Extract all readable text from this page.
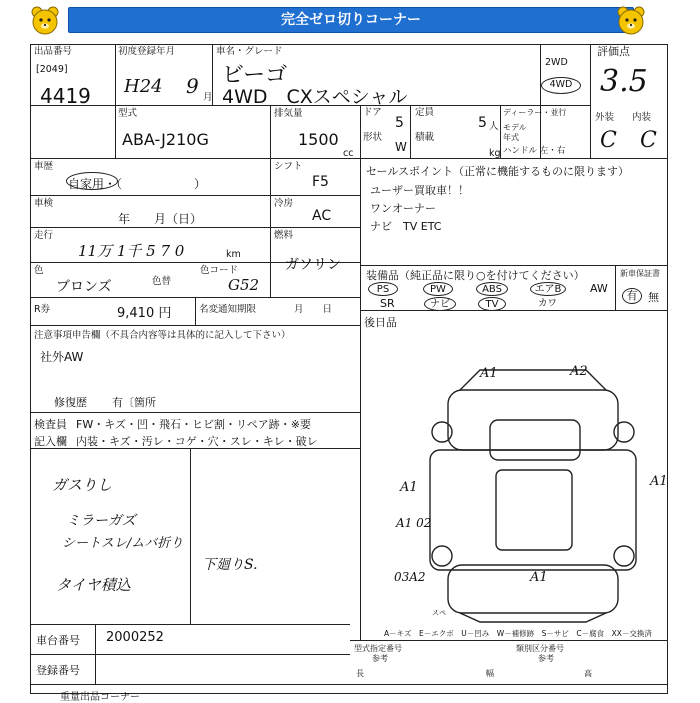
完全ゼロ切りコーナー
出品番号
[2049]
4419
初度登録年月
H24 9 月
車名・グレード
ビーゴ
4WD　CXスペシャル
2WD
4WD
評価点
3.5
外装 内装
C C
型式
ABA-J210G
排気量
1500
cc
ドア
5
定員
5 人
ディーラー・並行
形状
W
積載
kg
モデル
年式
ハンドル 左・右
車歴
自家用・（　　　　　　）
シフト
F5
車検
年　　月（日）
冷房
AC
走行
11万 1千 5 7 0	km
燃料
ガソリン
色
ブロンズ	色替
色コード
G52
R券	9,410 円	名変通知期限	月　　日
セールスポイント（正常に機能するものに限ります）
ユーザー買取車！！
ワンオーナー
ナビ　TV ETC
装備品（純正品に限り○を付けてください）
PS	PW	ABS	エアB	AW
SR	ナビ	TV	カワ
新車保証書
有 無
注意事項申告欄（不具合内容等は具体的に記入して下さい）
社外AW
修復歴 有〔箇所
検査員 FW・キズ・凹・飛石・ヒビ割・リペア跡・※要
記入欄 内装・キズ・汚レ・コゲ・穴・スレ・キレ・破レ
ガスりし
ミラーガズ
シートスレ/ムバ折り
タイヤ積込
下廻りS.
後日品
A1	A2
A1	A1
A1 02
03A2	A1
スペ
A－キズ　E－エクボ　U－凹み　W－補修跡　S－サビ　C－腐食　XX－交換済
車台番号 2000252
登録番号
型式指定番号
参考
類別区分番号
参考
長	幅	高
重量出品コーナー
